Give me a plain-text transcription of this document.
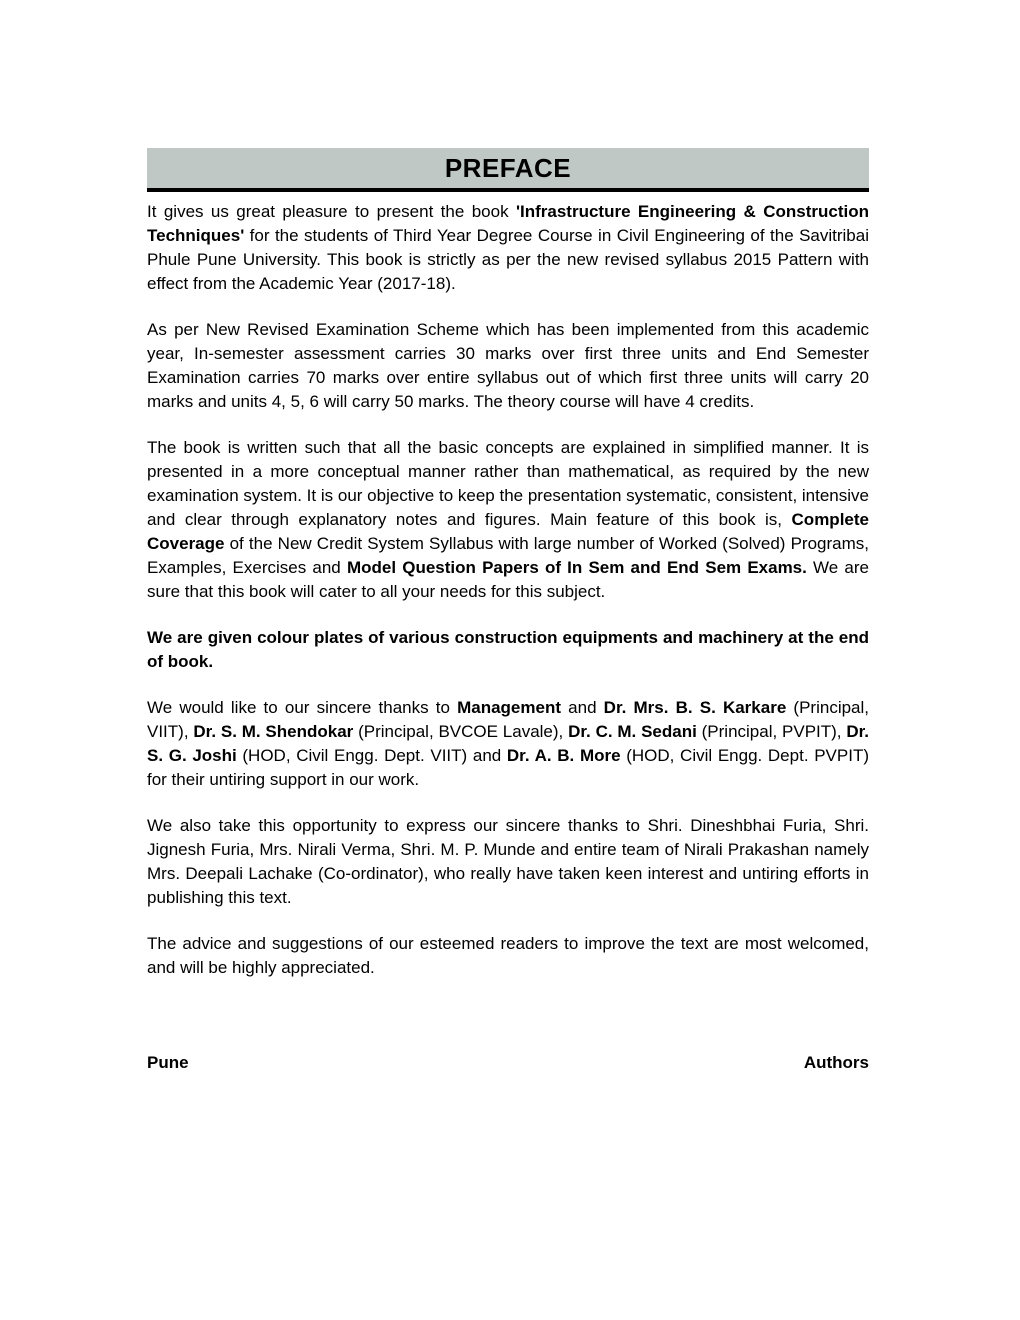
PREFACE

It gives us great pleasure to present the book 'Infrastructure Engineering & Construction Techniques' for the students of Third Year Degree Course in Civil Engineering of the Savitribai Phule Pune University. This book is strictly as per the new revised syllabus 2015 Pattern with effect from the Academic Year (2017-18).

As per New Revised Examination Scheme which has been implemented from this academic year, In-semester assessment carries 30 marks over first three units and End Semester Examination carries 70 marks over entire syllabus out of which first three units will carry 20 marks and units 4, 5, 6 will carry 50 marks. The theory course will have 4 credits.

The book is written such that all the basic concepts are explained in simplified manner. It is presented in a more conceptual manner rather than mathematical, as required by the new examination system. It is our objective to keep the presentation systematic, consistent, intensive and clear through explanatory notes and figures. Main feature of this book is, Complete Coverage of the New Credit System Syllabus with large number of Worked (Solved) Programs, Examples, Exercises and Model Question Papers of In Sem and End Sem Exams. We are sure that this book will cater to all your needs for this subject.

We are given colour plates of various construction equipments and machinery at the end of book.

We would like to our sincere thanks to Management and Dr. Mrs. B. S. Karkare (Principal, VIIT), Dr. S. M. Shendokar (Principal, BVCOE Lavale), Dr. C. M. Sedani (Principal, PVPIT), Dr. S. G. Joshi (HOD, Civil Engg. Dept. VIIT) and Dr. A. B. More (HOD, Civil Engg. Dept. PVPIT) for their untiring support in our work.

We also take this opportunity to express our sincere thanks to Shri. Dineshbhai Furia, Shri. Jignesh Furia, Mrs. Nirali Verma, Shri. M. P. Munde and entire team of Nirali Prakashan namely Mrs. Deepali Lachake (Co-ordinator), who really have taken keen interest and untiring efforts in publishing this text.

The advice and suggestions of our esteemed readers to improve the text are most welcomed, and will be highly appreciated.

Pune	Authors
